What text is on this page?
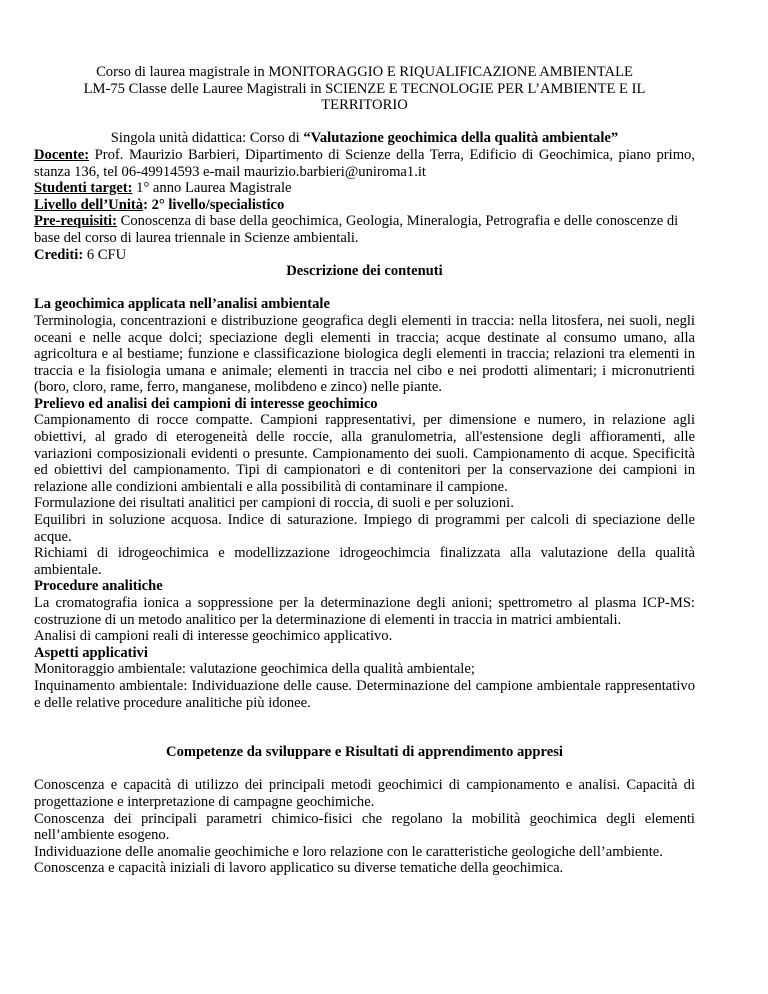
Corso di laurea magistrale in MONITORAGGIO E RIQUALIFICAZIONE AMBIENTALE

LM-75 Classe delle Lauree Magistrali in SCIENZE E TECNOLOGIE PER L’AMBIENTE E IL

TERRITORIO

Singola unità didattica: Corso di “Valutazione geochimica della qualità ambientale”

Docente: Prof. Maurizio Barbieri, Dipartimento di Scienze della Terra, Edificio di Geochimica, piano primo, stanza 136, tel 06-49914593 e-mail maurizio.barbieri@uniroma1.it

Studenti target: 1° anno Laurea Magistrale

Livello dell’Unità: 2° livello/specialistico

Pre-requisiti: Conoscenza di base della geochimica, Geologia, Mineralogia, Petrografia e delle conoscenze di base del corso di laurea triennale in Scienze ambientali.

Crediti: 6 CFU

Descrizione dei contenuti

La geochimica applicata nell’analisi ambientale

Terminologia, concentrazioni e distribuzione geografica degli elementi in traccia: nella litosfera, nei suoli, negli oceani e nelle acque dolci; speciazione degli elementi in traccia; acque destinate al consumo umano, alla agricoltura e al bestiame; funzione e classificazione biologica degli elementi in traccia; relazioni tra elementi in traccia e la fisiologia umana e animale; elementi in traccia nel cibo e nei prodotti alimentari; i micronutrienti (boro, cloro, rame, ferro, manganese, molibdeno e zinco) nelle piante.

Prelievo ed analisi dei campioni di interesse geochimico

Campionamento di rocce compatte. Campioni rappresentativi, per dimensione e numero, in relazione agli obiettivi, al grado di eterogeneità delle roccie, alla granulometria, all'estensione degli affioramenti, alle variazioni composizionali evidenti o presunte. Campionamento dei suoli. Campionamento di acque. Specificità ed obiettivi del campionamento. Tipi di campionatori e di contenitori per la conservazione dei campioni in relazione alle condizioni ambientali e alla possibilità di contaminare il campione.

Formulazione dei risultati analitici per campioni di roccia, di suoli e per soluzioni.

Equilibri in soluzione acquosa. Indice di saturazione. Impiego di programmi per calcoli di speciazione delle acque.

Richiami di idrogeochimica e modellizzazione idrogeochimcia finalizzata alla valutazione della qualità ambientale.

Procedure analitiche

La cromatografia ionica a soppressione per la determinazione degli anioni; spettrometro al plasma ICP-MS: costruzione di un metodo analitico per la determinazione di elementi in traccia in matrici ambientali.

Analisi di campioni reali di interesse geochimico applicativo.

Aspetti applicativi

Monitoraggio ambientale: valutazione geochimica della qualità ambientale;

Inquinamento ambientale: Individuazione delle cause. Determinazione del campione ambientale rappresentativo e delle relative procedure analitiche più idonee.

Competenze da sviluppare e Risultati di apprendimento appresi

Conoscenza e capacità di utilizzo dei principali metodi geochimici di campionamento e analisi. Capacità di progettazione e interpretazione di campagne geochimiche.

Conoscenza dei principali parametri chimico-fisici che regolano la mobilità geochimica degli elementi nell’ambiente esogeno.

Individuazione delle anomalie geochimiche e loro relazione con le caratteristiche geologiche dell’ambiente.

Conoscenza e capacità iniziali di lavoro applicatico su diverse tematiche della geochimica.
